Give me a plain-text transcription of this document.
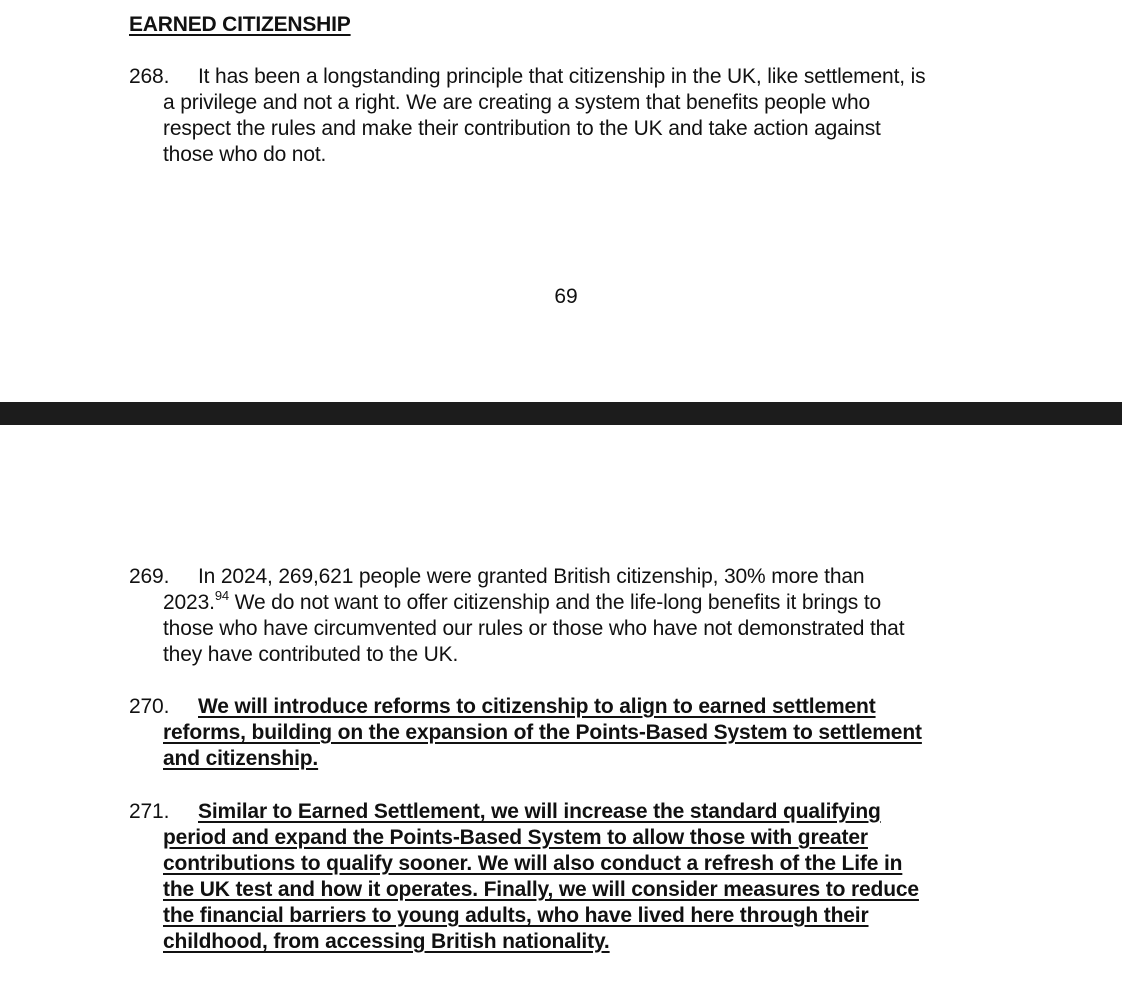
EARNED CITIZENSHIP

268. It has been a longstanding principle that citizenship in the UK, like settlement, is
a privilege and not a right. We are creating a system that benefits people who
respect the rules and make their contribution to the UK and take action against
those who do not.

69

269. In 2024, 269,621 people were granted British citizenship, 30% more than
2023.94 We do not want to offer citizenship and the life-long benefits it brings to
those who have circumvented our rules or those who have not demonstrated that
they have contributed to the UK.

270. We will introduce reforms to citizenship to align to earned settlement
reforms, building on the expansion of the Points-Based System to settlement
and citizenship.

271. Similar to Earned Settlement, we will increase the standard qualifying
period and expand the Points-Based System to allow those with greater
contributions to qualify sooner. We will also conduct a refresh of the Life in
the UK test and how it operates. Finally, we will consider measures to reduce
the financial barriers to young adults, who have lived here through their
childhood, from accessing British nationality.
